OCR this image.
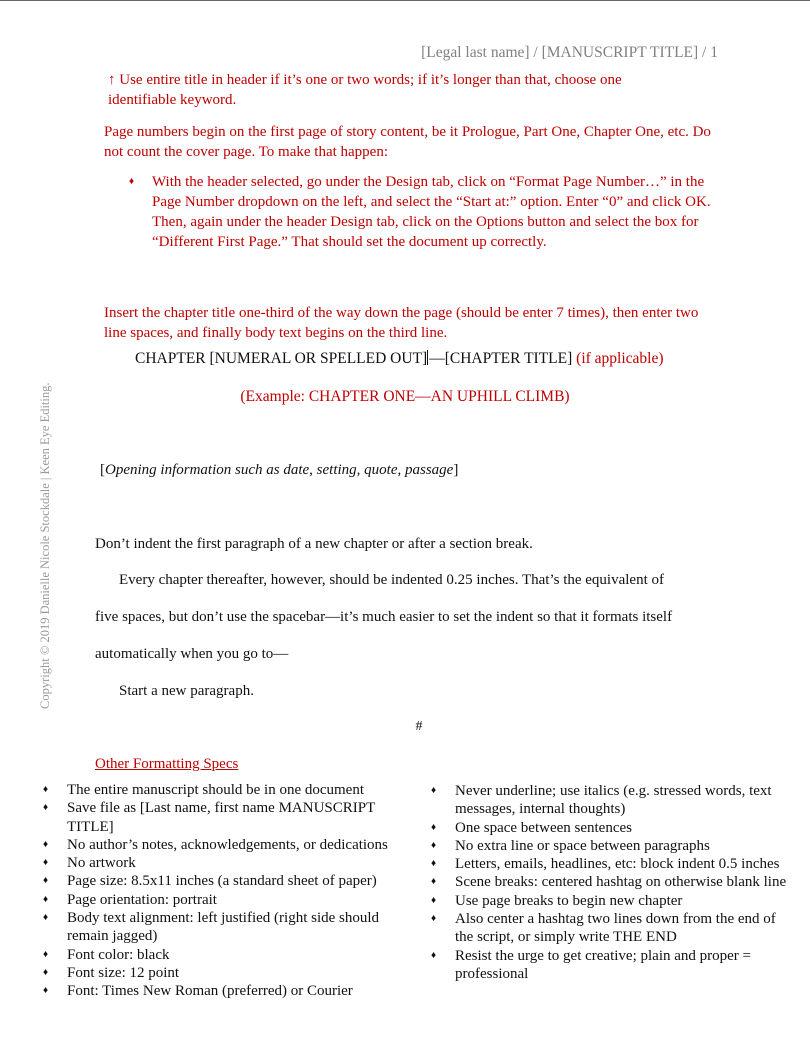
[Legal last name] / [MANUSCRIPT TITLE] / 1
↑ Use entire title in header if it’s one or two words; if it’s longer than that, choose one identifiable keyword.
Page numbers begin on the first page of story content, be it Prologue, Part One, Chapter One, etc. Do not count the cover page. To make that happen:
♦ With the header selected, go under the Design tab, click on “Format Page Number…” in the Page Number dropdown on the left, and select the “Start at:” option. Enter “0” and click OK. Then, again under the header Design tab, click on the Options button and select the box for “Different First Page.” That should set the document up correctly.
Insert the chapter title one-third of the way down the page (should be enter 7 times), then enter two line spaces, and finally body text begins on the third line.
CHAPTER [NUMERAL OR SPELLED OUT] —[CHAPTER TITLE] (if applicable)
(Example: CHAPTER ONE—AN UPHILL CLIMB)
[Opening information such as date, setting, quote, passage]
Don’t indent the first paragraph of a new chapter or after a section break.
Every chapter thereafter, however, should be indented 0.25 inches. That’s the equivalent of
five spaces, but don’t use the spacebar—it’s much easier to set the indent so that it formats itself
automatically when you go to—
Start a new paragraph.
#
Copyright © 2019 Danielle Nicole Stockdale | Keen Eye Editing.
Other Formatting Specs
♦ The entire manuscript should be in one document
♦ Save file as [Last name, first name MANUSCRIPT TITLE]
♦ No author’s notes, acknowledgements, or dedications
♦ No artwork
♦ Page size: 8.5x11 inches (a standard sheet of paper)
♦ Page orientation: portrait
♦ Body text alignment: left justified (right side should remain jagged)
♦ Font color: black
♦ Font size: 12 point
♦ Font: Times New Roman (preferred) or Courier
♦ Never underline; use italics (e.g. stressed words, text messages, internal thoughts)
♦ One space between sentences
♦ No extra line or space between paragraphs
♦ Letters, emails, headlines, etc: block indent 0.5 inches
♦ Scene breaks: centered hashtag on otherwise blank line
♦ Use page breaks to begin new chapter
♦ Also center a hashtag two lines down from the end of the script, or simply write THE END
♦ Resist the urge to get creative; plain and proper = professional
